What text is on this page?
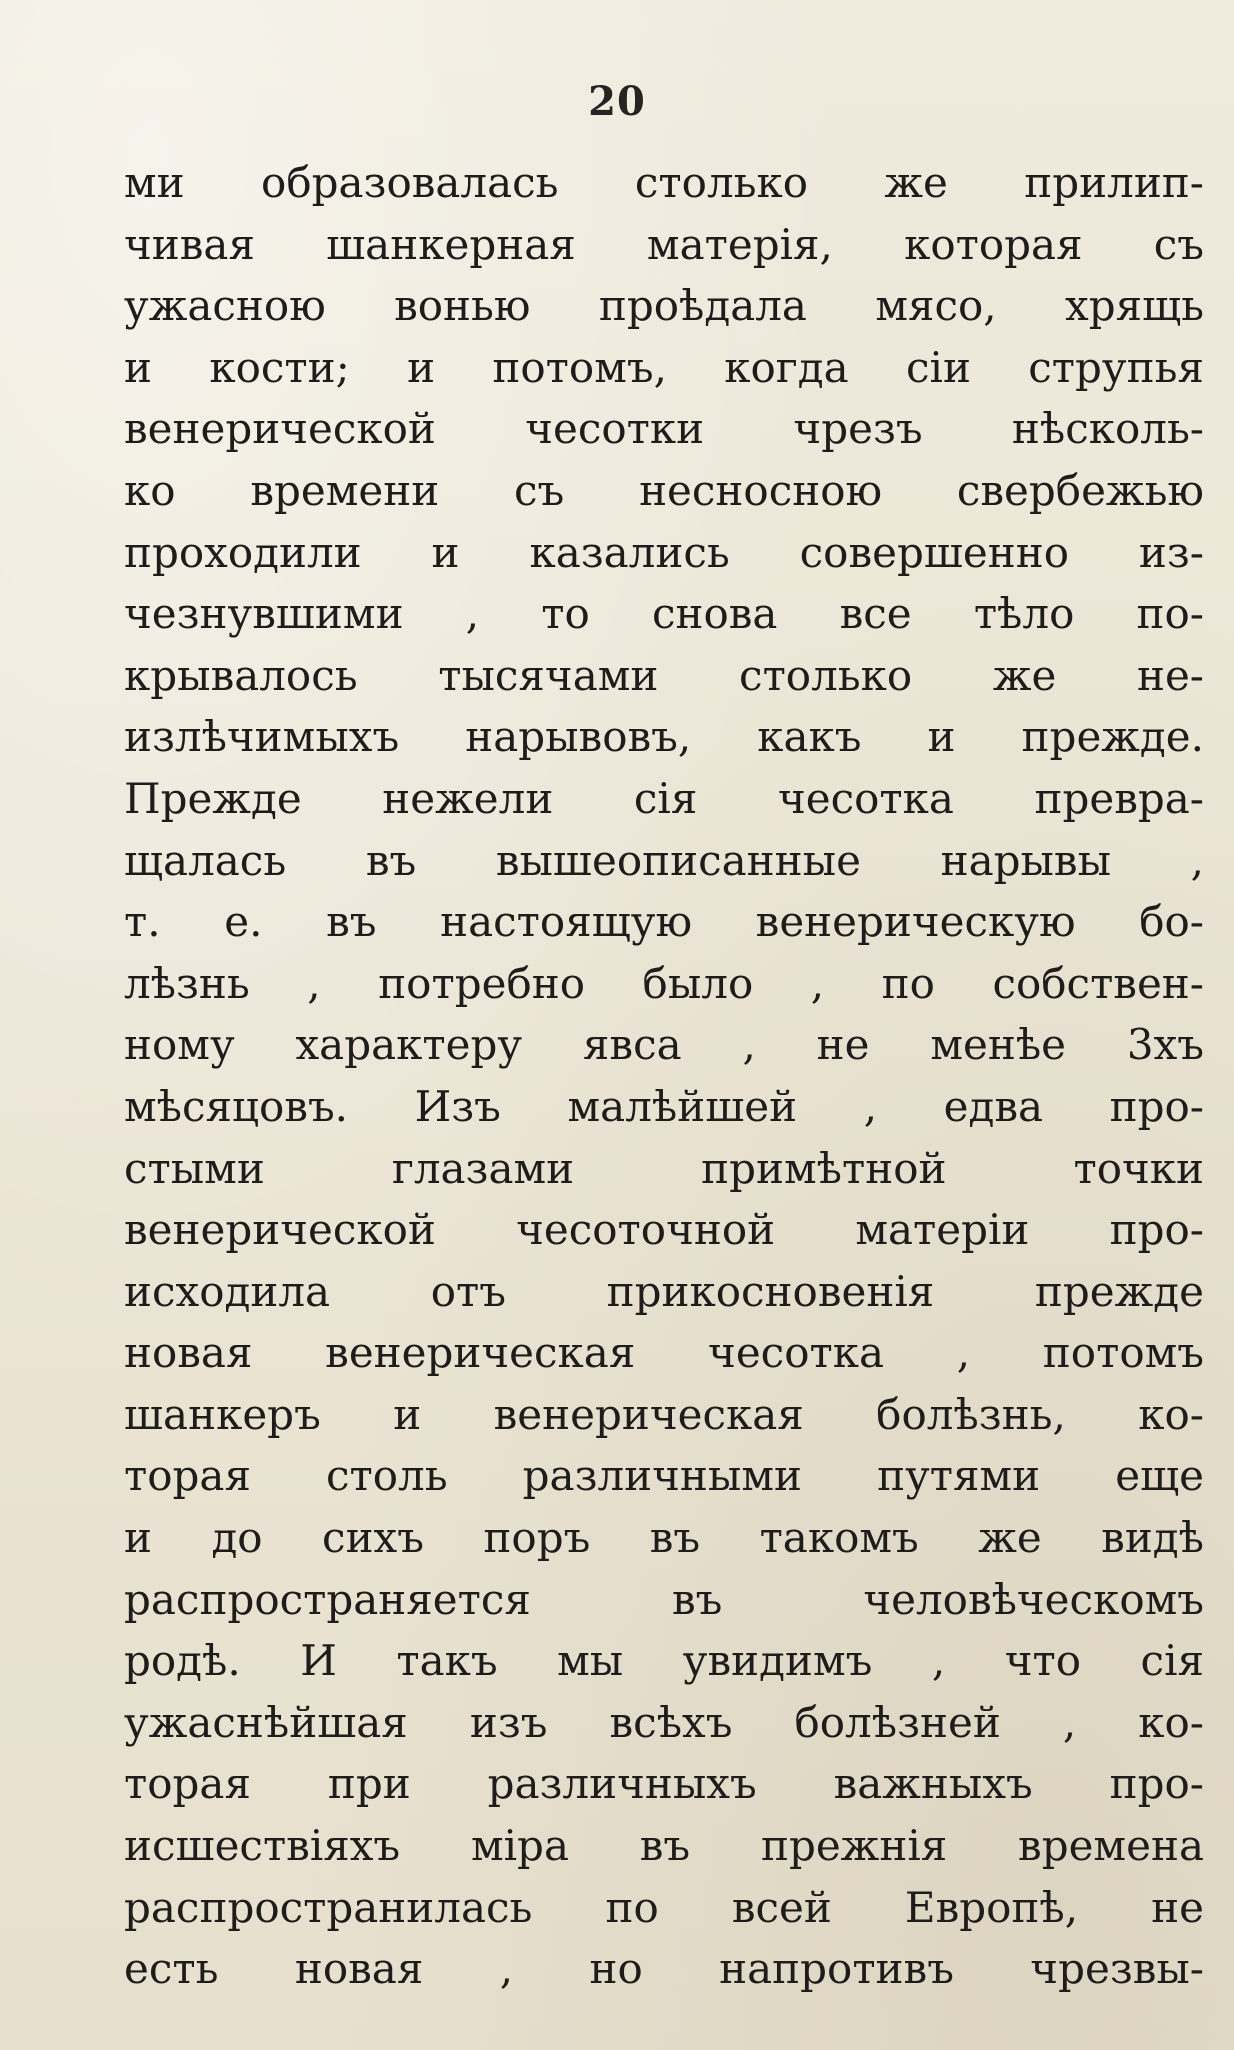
20
ми образовалась столько же прилип-
чивая шанкерная матерія, которая съ
ужасною вонью проѣдала мясо, хрящь
и кости; и потомъ, когда сіи струпья
венерической чесотки чрезъ нѣсколь-
ко времени съ несносною свербежью
проходили и казались совершенно из-
чезнувшими , то снова все тѣло по-
крывалось тысячами столько же не-
излѣчимыхъ нарывовъ, какъ и прежде.
Прежде нежели сія чесотка превра-
щалась въ вышеописанные нарывы ,
т. е. въ настоящую венерическую бо-
лѣзнь , потребно было , по собствен-
ному характеру явса , не менѣе 3хъ
мѣсяцовъ. Изъ малѣйшей , едва про-
стыми глазами примѣтной точки
венерической чесоточной матеріи про-
исходила отъ прикосновенія прежде
новая венерическая чесотка , потомъ
шанкеръ и венерическая болѣзнь, ко-
торая столь различными путями еще
и до сихъ поръ въ такомъ же видѣ
распространяется въ человѣческомъ
родѣ. И такъ мы увидимъ , что сія
ужаснѣйшая изъ всѣхъ болѣзней , ко-
торая при различныхъ важныхъ про-
исшествіяхъ міра въ прежнія времена
распространилась по всей Европѣ, не
есть новая , но напротивъ чрезвы-
